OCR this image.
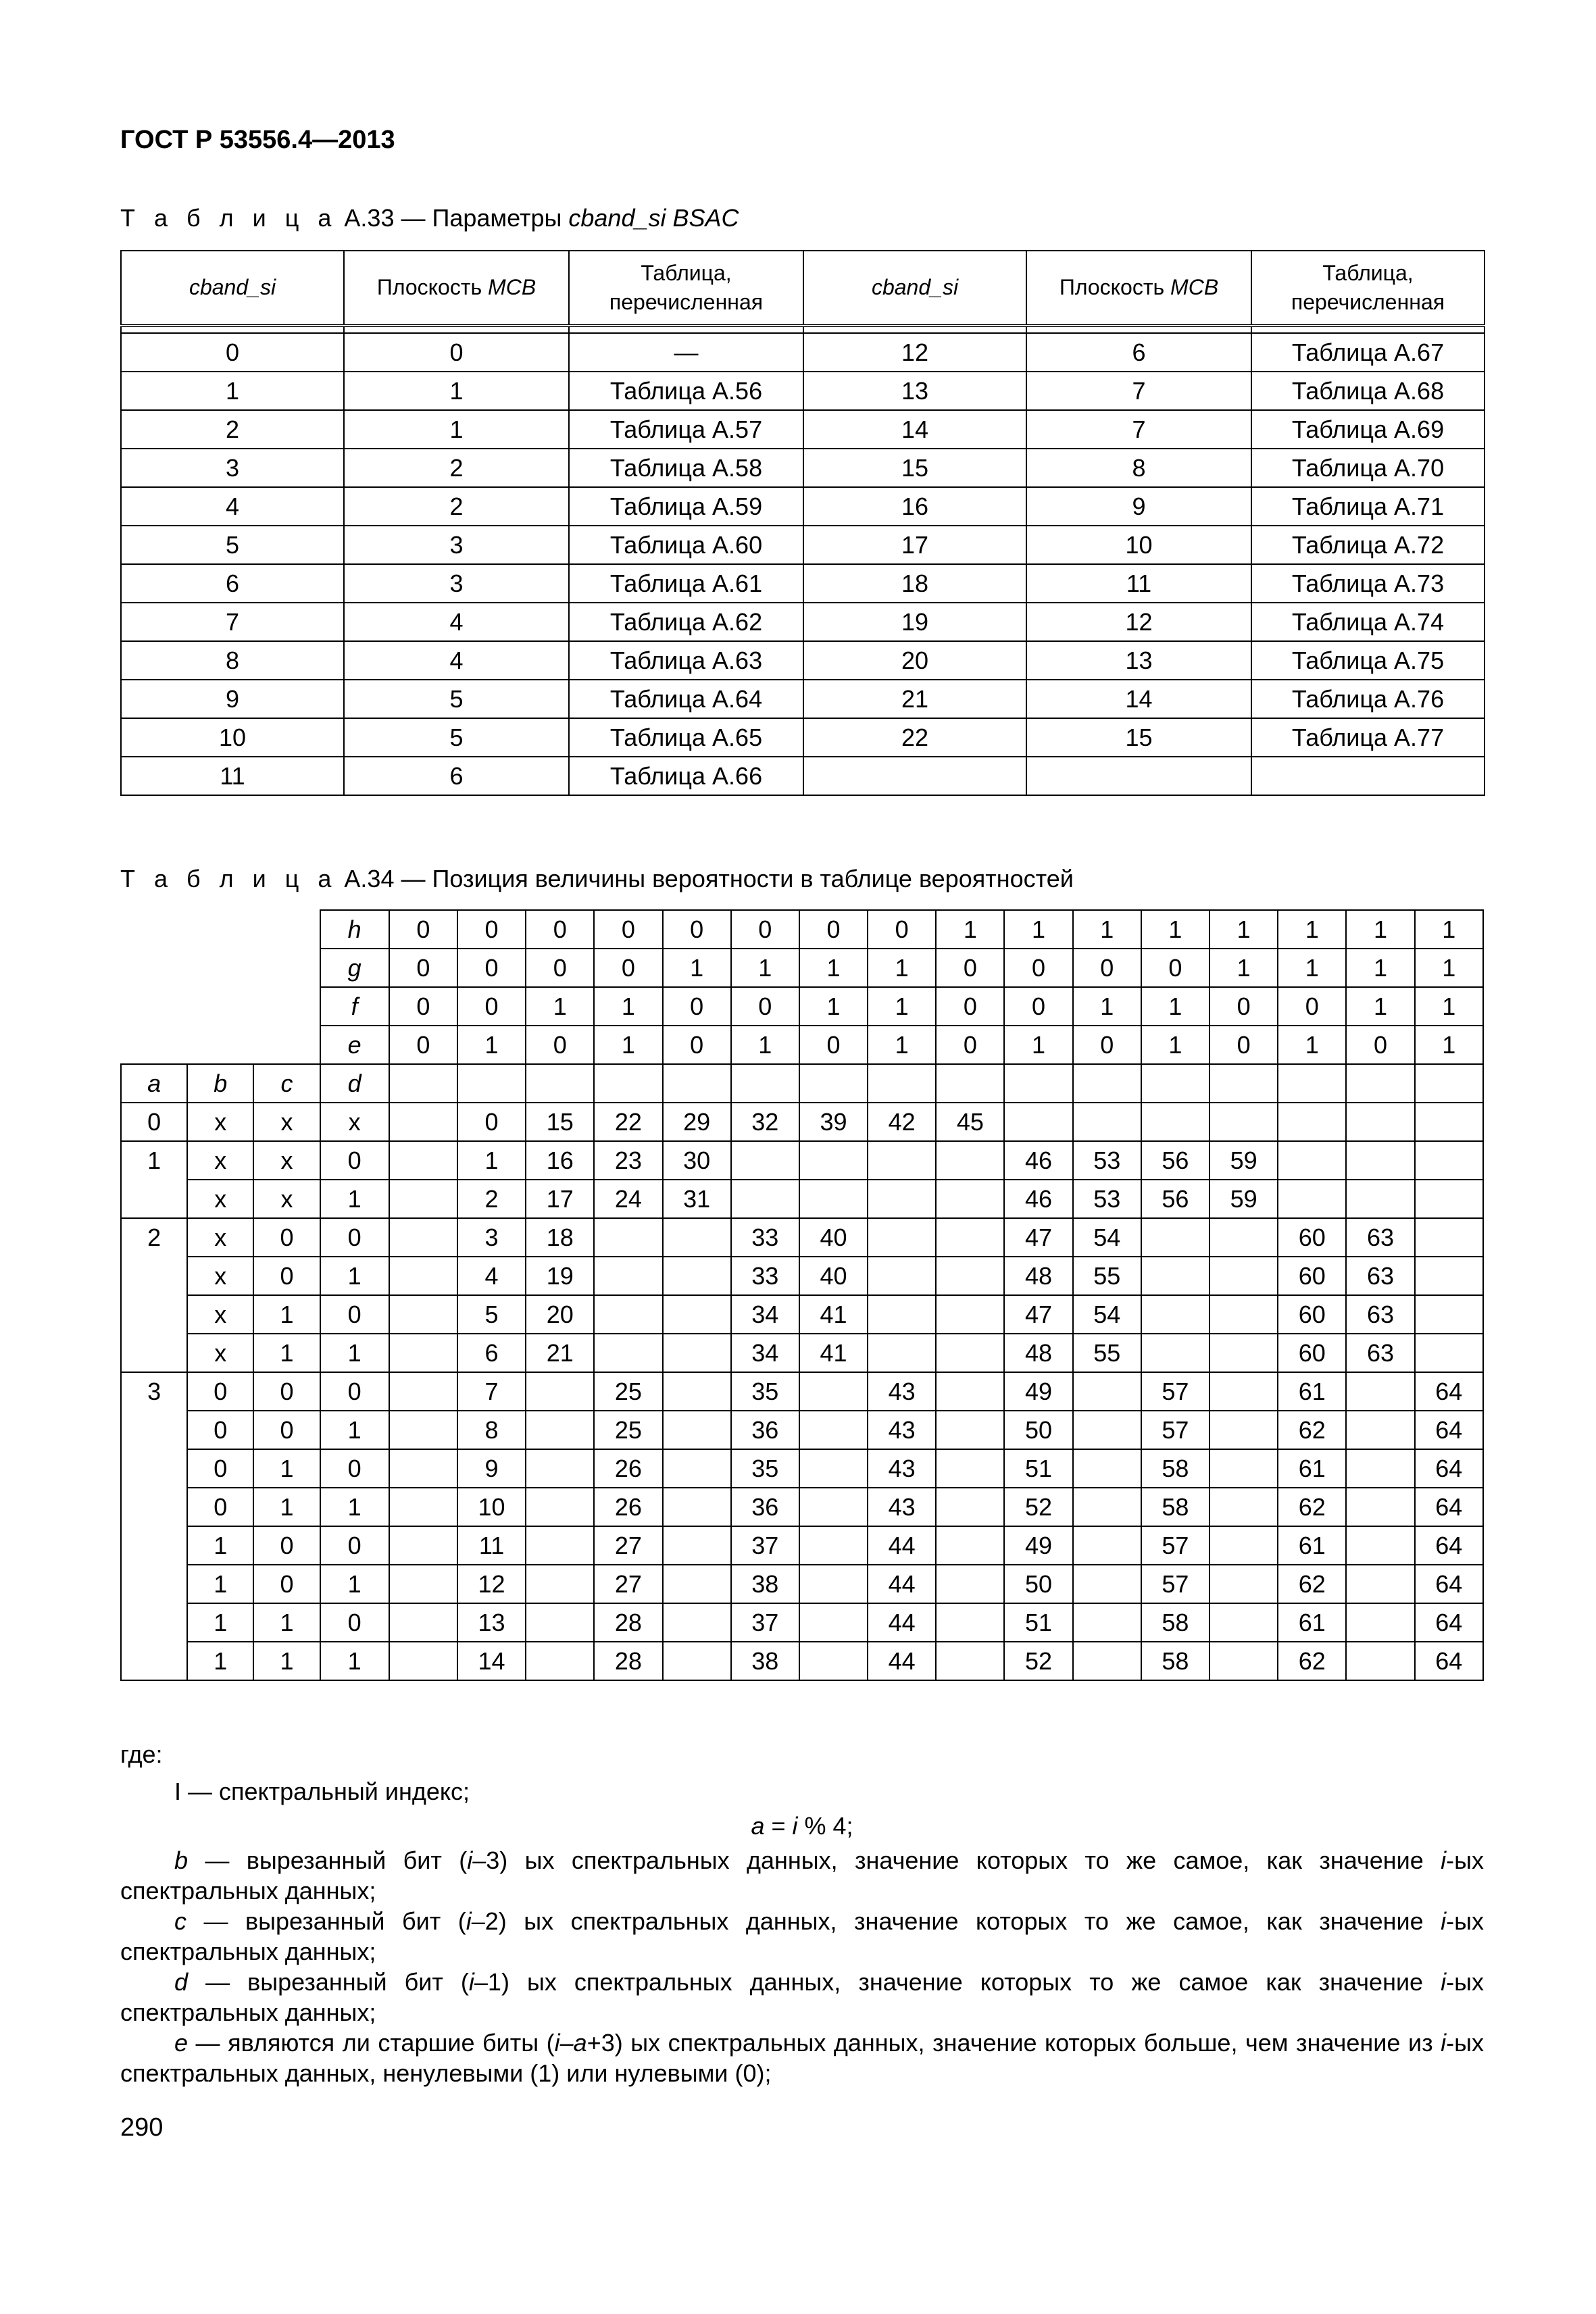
ГОСТ Р 53556.4—2013
Т а б л и ц а А.33 — Параметры cband_si BSAC
cband_si	Плоскость MCB	Таблица, перечисленная	cband_si	Плоскость MCB	Таблица, перечисленная

0	0	—	12	6	Таблица A.67
1	1	Таблица A.56	13	7	Таблица A.68
2	1	Таблица A.57	14	7	Таблица A.69
3	2	Таблица A.58	15	8	Таблица A.70
4	2	Таблица A.59	16	9	Таблица A.71
5	3	Таблица A.60	17	10	Таблица A.72
6	3	Таблица A.61	18	11	Таблица A.73
7	4	Таблица A.62	19	12	Таблица A.74
8	4	Таблица A.63	20	13	Таблица A.75
9	5	Таблица A.64	21	14	Таблица A.76
10	5	Таблица A.65	22	15	Таблица A.77
11	6	Таблица A.66			
Т а б л и ц а А.34 — Позиция величины вероятности в таблице вероятностей
			h	0	0	0	0	0	0	0	0	1	1	1	1	1	1	1	1
			g	0	0	0	0	1	1	1	1	0	0	0	0	1	1	1	1
			f	0	0	1	1	0	0	1	1	0	0	1	1	0	0	1	1
			e	0	1	0	1	0	1	0	1	0	1	0	1	0	1	0	1
a	b	c	d																
0	x	x	x		0	15	22	29	32	39	42	45							
1	x	x	0		1	16	23	30					46	53	56	59			
	x	x	1		2	17	24	31					46	53	56	59			
2	x	0	0		3	18			33	40			47	54			60	63	
	x	0	1		4	19			33	40			48	55			60	63	
	x	1	0		5	20			34	41			47	54			60	63	
	x	1	1		6	21			34	41			48	55			60	63	
3	0	0	0		7		25		35		43		49		57		61		64
	0	0	1		8		25		36		43		50		57		62		64
	0	1	0		9		26		35		43		51		58		61		64
	0	1	1		10		26		36		43		52		58		62		64
	1	0	0		11		27		37		44		49		57		61		64
	1	0	1		12		27		38		44		50		57		62		64
	1	1	0		13		28		37		44		51		58		61		64
	1	1	1		14		28		38		44		52		58		62		64

где:

I — спектральный индекс;

a = i % 4;

b — вырезанный бит (i–3) ых спектральных данных, значение которых то же самое, как значение i-ых спектральных данных;

c — вырезанный бит (i–2) ых спектральных данных, значение которых то же самое, как значение i-ых спектральных данных;

d — вырезанный бит (i–1) ых спектральных данных, значение которых то же самое как значение i-ых спектральных данных;

e — являются ли старшие биты (i–a+3) ых спектральных данных, значение которых больше, чем значение из i-ых спектральных данных, ненулевыми (1) или нулевыми (0);

290
